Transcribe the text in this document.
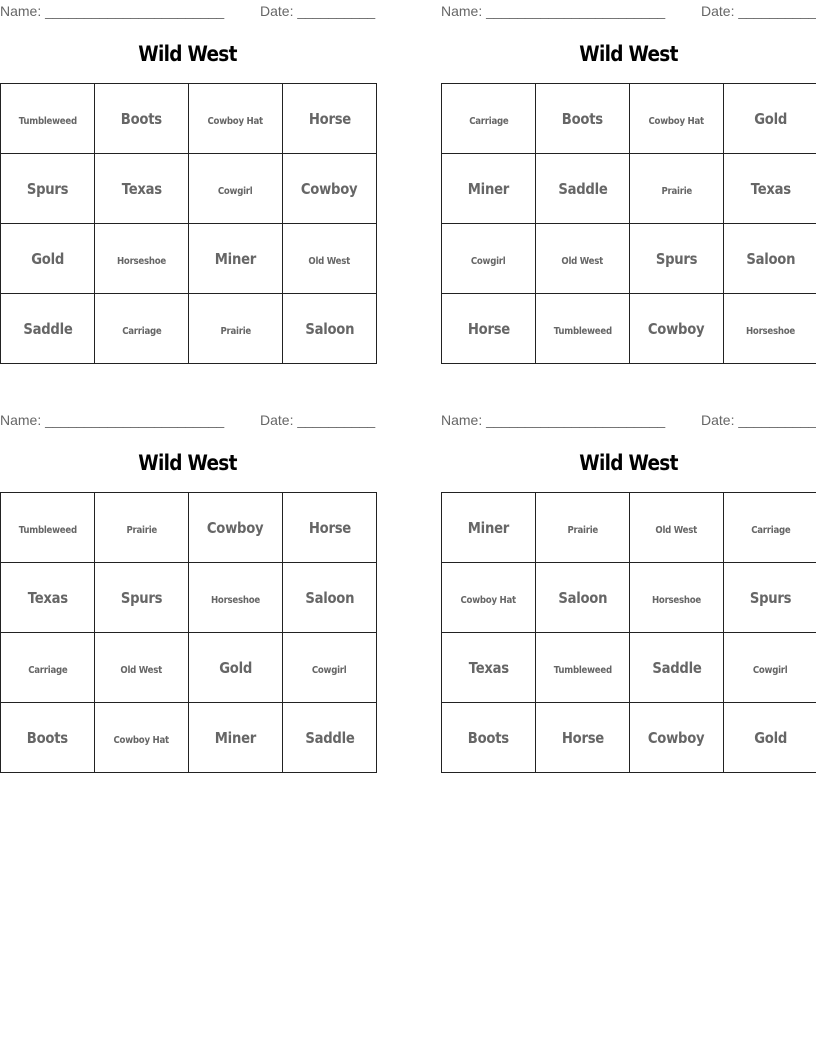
Name: _______________________	Date: __________
Wild West
Tumbleweed	Boots	Cowboy Hat	Horse
Spurs	Texas	Cowgirl	Cowboy
Gold	Horseshoe	Miner	Old West
Saddle	Carriage	Prairie	Saloon
Name: _______________________	Date: __________
Wild West
Carriage	Boots	Cowboy Hat	Gold
Miner	Saddle	Prairie	Texas
Cowgirl	Old West	Spurs	Saloon
Horse	Tumbleweed	Cowboy	Horseshoe
Name: _______________________	Date: __________
Wild West
Tumbleweed	Prairie	Cowboy	Horse
Texas	Spurs	Horseshoe	Saloon
Carriage	Old West	Gold	Cowgirl
Boots	Cowboy Hat	Miner	Saddle
Name: _______________________	Date: __________
Wild West
Miner	Prairie	Old West	Carriage
Cowboy Hat	Saloon	Horseshoe	Spurs
Texas	Tumbleweed	Saddle	Cowgirl
Boots	Horse	Cowboy	Gold
